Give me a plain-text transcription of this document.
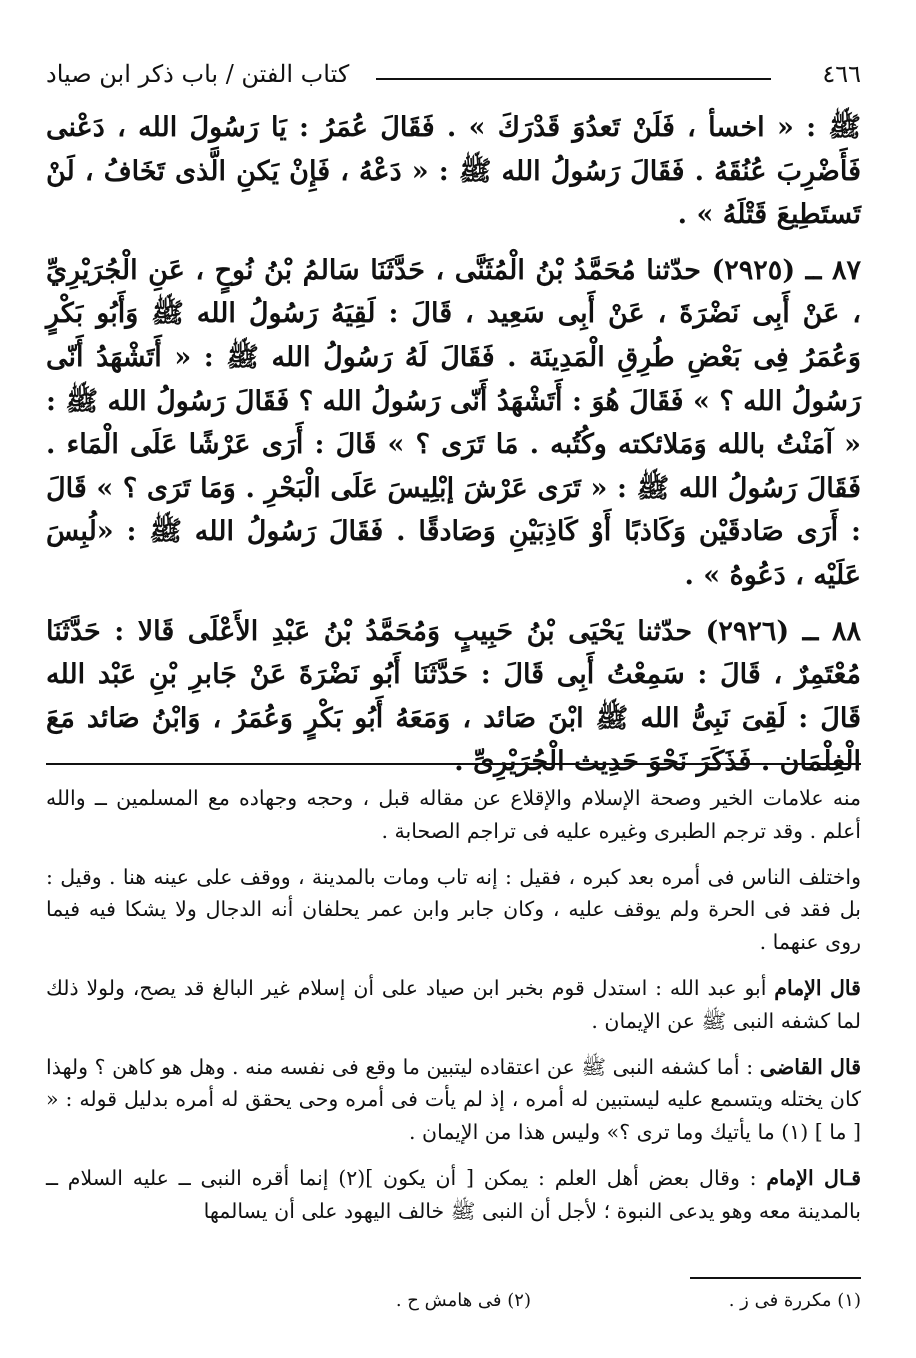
٤٦٦
كتاب الفتن / باب ذكر ابن صياد

ﷺ : « اخسأ ، فَلَنْ تَعدُوَ قَدْرَكَ » . فَقَالَ عُمَرُ : يَا رَسُولَ الله ، دَعْنى فَأَضْرِبَ عُنُقَهُ . فَقَالَ رَسُولُ الله ﷺ : « دَعْهُ ، فَإِنْ يَكنِ الَّذى تَخَافُ ، لَنْ تَستَطِيعَ قَتْلَهُ » .

٨٧ ــ (٢٩٢٥) حدّثنا مُحَمَّدُ بْنُ الْمُثَنَّى ، حَدَّثَنَا سَالمُ بْنُ نُوحٍ ، عَنِ الْجُرَيْرِيِّ ، عَنْ أَبِى نَضْرَةَ ، عَنْ أَبِى سَعِيد ، قَالَ : لَقِيَهُ رَسُولُ الله ﷺ وَأَبُو بَكْرٍ وَعُمَرُ فِى بَعْضِ طُرِقِ الْمَدِينَة . فَقَالَ لَهُ رَسُولُ الله ﷺ : « أَتَشْهَدُ أَنّى رَسُولُ الله ؟ » فَقَالَ هُوَ : أَتَشْهَدُ أَنّى رَسُولُ الله ؟ فَقَالَ رَسُولُ الله ﷺ : « آمَنْتُ بالله وَمَلائكته وكُتُبه . مَا تَرَى ؟ » قَالَ : أَرَى عَرْشًا عَلَى الْمَاء . فَقَالَ رَسُولُ الله ﷺ : « تَرَى عَرْشَ إبْلِيسَ عَلَى الْبَحْرِ . وَمَا تَرَى ؟ » قَالَ : أَرَى صَادقَيْن وَكَاذبًا أَوْ كَاذِبَيْنِ وَصَادقًا . فَقَالَ رَسُولُ الله ﷺ : «لُبِسَ عَلَيْه ، دَعُوهُ » .

٨٨ ــ (٢٩٢٦) حدّثنا يَحْيَى بْنُ حَبِيبٍ وَمُحَمَّدُ بْنُ عَبْدِ الأَعْلَى قَالا : حَدَّثَنَا مُعْتَمِرٌ ، قَالَ : سَمِعْتُ أَبِى قَالَ : حَدَّثَنَا أَبُو نَضْرَةَ عَنْ جَابرِ بْنِ عَبْد الله قَالَ : لَقِىَ نَبِىُّ الله ﷺ ابْنَ صَائد ، وَمَعَهُ أَبُو بَكْرٍ وَعُمَرُ ، وَابْنُ صَائد مَعَ الْغِلْمَان . فَذَكَرَ نَحْوَ حَدِيث الْجُرَيْرِىِّ .

منه علامات الخير وصحة الإسلام والإقلاع عن مقاله قبل ، وحجه وجهاده مع المسلمين ــ والله أعلم . وقد ترجم الطبرى وغيره عليه فى تراجم الصحابة .

واختلف الناس فى أمره بعد كبره ، فقيل : إنه تاب ومات بالمدينة ، ووقف على عينه هنا . وقيل : بل فقد فى الحرة ولم يوقف عليه ، وكان جابر وابن عمر يحلفان أنه الدجال ولا يشكا فيه فيما روى عنهما .

قال الإمام أبو عبد الله : استدل قوم بخبر ابن صياد على أن إسلام غير البالغ قد يصح، ولولا ذلك لما كشفه النبى ﷺ عن الإيمان .

قال القاضى : أما كشفه النبى ﷺ عن اعتقاده ليتبين ما وقع فى نفسه منه . وهل هو كاهن ؟ ولهذا كان يختله ويتسمع عليه ليستبين له أمره ، إذ لم يأت فى أمره وحى يحقق له أمره بدليل قوله : « [ ما ] (١) ما يأتيك وما ترى ؟» وليس هذا من الإيمان .

قـال الإمام : وقال بعض أهل العلم : يمكن [ أن يكون ](٢) إنما أقره النبى ــ عليه السلام ــ بالمدينة معه وهو يدعى النبوة ؛ لأجل أن النبى ﷺ خالف اليهود على أن يسالمها

(١) مكررة فى ز .
(٢) فى هامش ح .
